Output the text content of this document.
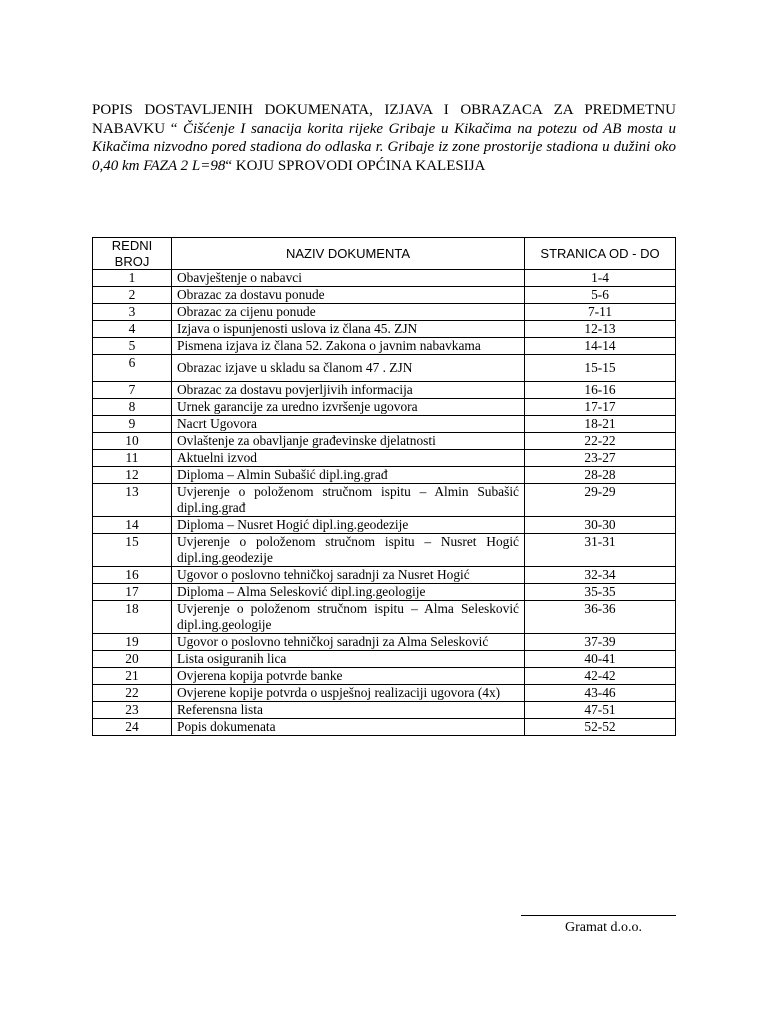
POPIS DOSTAVLJENIH DOKUMENATA, IZJAVA I OBRAZACA ZA PREDMETNU NABAVKU “ Čišćenje I sanacija korita rijeke Gribaje u Kikačima na potezu od AB mosta u Kikačima nizvodno pored stadiona do odlaska r. Gribaje iz zone prostorije stadiona u dužini oko 0,40 km FAZA 2 L=98“ KOJU SPROVODI OPĆINA KALESIJA
REDNI BROJ	NAZIV DOKUMENTA	STRANICA OD - DO
1	Obavještenje o nabavci	1-4
2	Obrazac za dostavu ponude	5-6
3	Obrazac za cijenu ponude	7-11
4	Izjava o ispunjenosti uslova iz člana 45. ZJN	12-13
5	Pismena izjava iz člana 52. Zakona o javnim nabavkama	14-14
6	Obrazac izjave u skladu sa članom 47 . ZJN	15-15
7	Obrazac za dostavu povjerljivih informacija	16-16
8	Urnek garancije za uredno izvršenje ugovora	17-17
9	Nacrt Ugovora	18-21
10	Ovlaštenje za obavljanje građevinske djelatnosti	22-22
11	Aktuelni izvod	23-27
12	Diploma – Almin Subašić dipl.ing.građ	28-28
13	Uvjerenje o položenom stručnom ispitu – Almin Subašić dipl.ing.građ	29-29
14	Diploma – Nusret Hogić dipl.ing.geodezije	30-30
15	Uvjerenje o položenom stručnom ispitu – Nusret Hogić dipl.ing.geodezije	31-31
16	Ugovor o poslovno tehničkoj saradnji za Nusret Hogić	32-34
17	Diploma – Alma Selesković dipl.ing.geologije	35-35
18	Uvjerenje o položenom stručnom ispitu – Alma Selesković dipl.ing.geologije	36-36
19	Ugovor o poslovno tehničkoj saradnji za Alma Selesković	37-39
20	Lista osiguranih lica	40-41
21	Ovjerena kopija potvrde banke	42-42
22	Ovjerene kopije potvrda o uspješnoj realizaciji ugovora (4x)	43-46
23	Referensna lista	47-51
24	Popis dokumenata	52-52
Gramat d.o.o.
